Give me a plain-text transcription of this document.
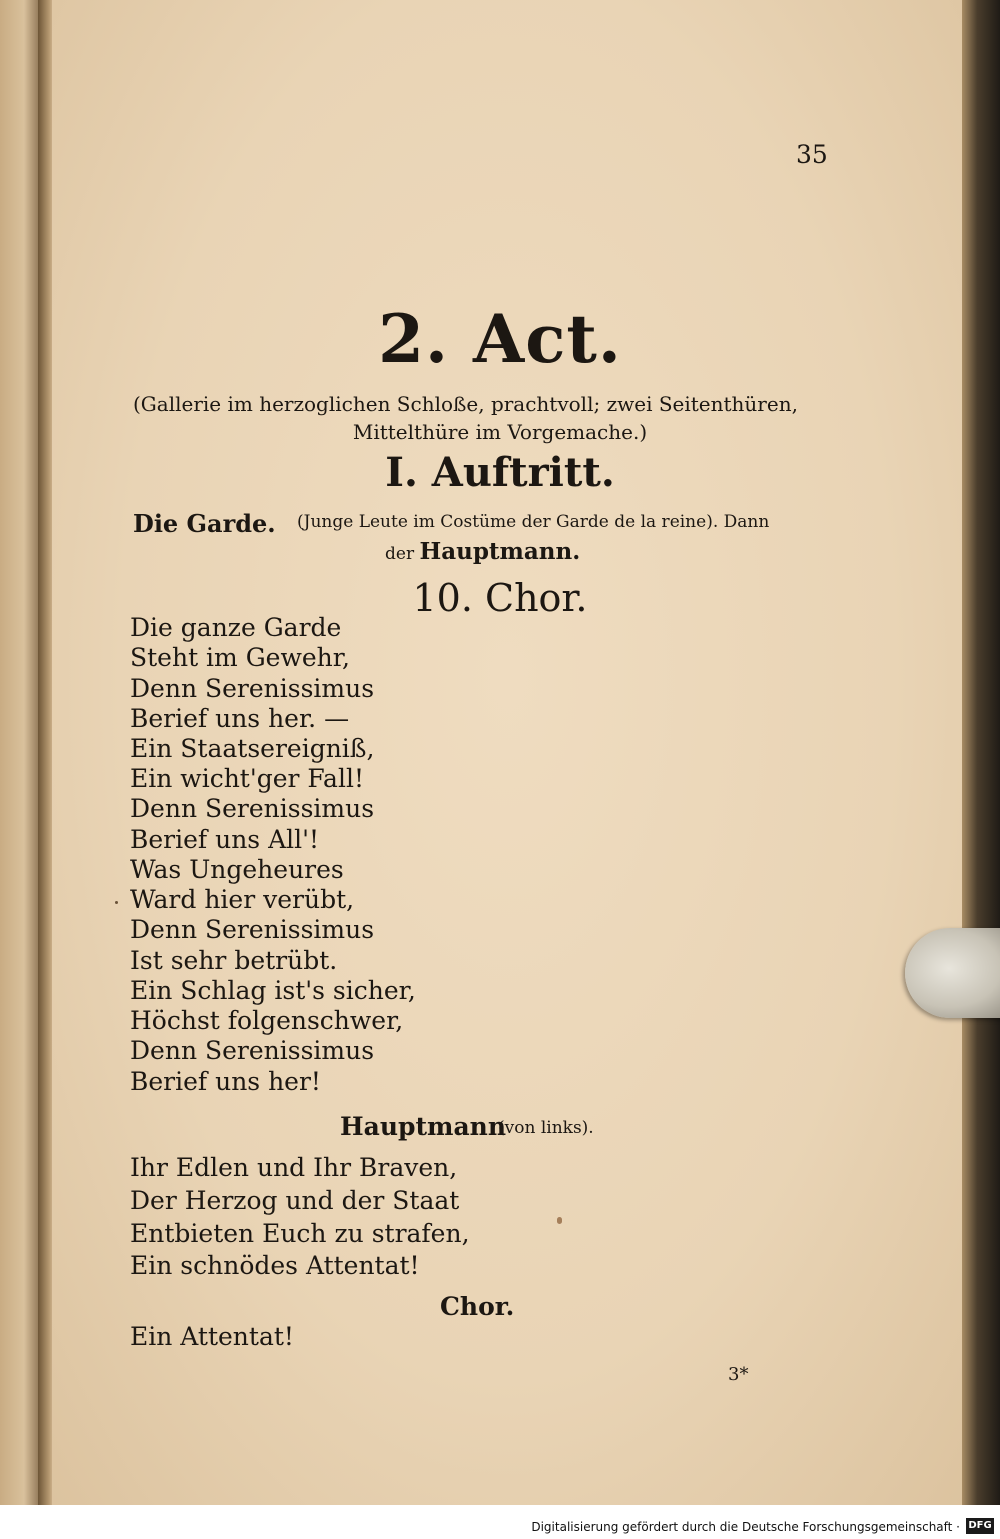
35
2. Act.
(Gallerie im herzoglichen Schloße, prachtvoll; zwei Seitenthüren,
Mittelthüre im Vorgemache.)
I. Auftritt.
Die Garde. (Junge Leute im Costüme der Garde de la reine). Dann
der Hauptmann.
10. Chor.
Die ganze Garde
Steht im Gewehr,
Denn Serenissimus
Berief uns her. —
Ein Staatsereigniß,
Ein wicht'ger Fall!
Denn Serenissimus
Berief uns All'!
Was Ungeheures
Ward hier verübt,
Denn Serenissimus
Ist sehr betrübt.
Ein Schlag ist's sicher,
Höchst folgenschwer,
Denn Serenissimus
Berief uns her!
Hauptmann
(von links).
Ihr Edlen und Ihr Braven,
Der Herzog und der Staat
Entbieten Euch zu strafen,
Ein schnödes Attentat!
Chor.
Ein Attentat!
3*
Digitalisierung gefördert durch die Deutsche Forschungsgemeinschaft · DFG
